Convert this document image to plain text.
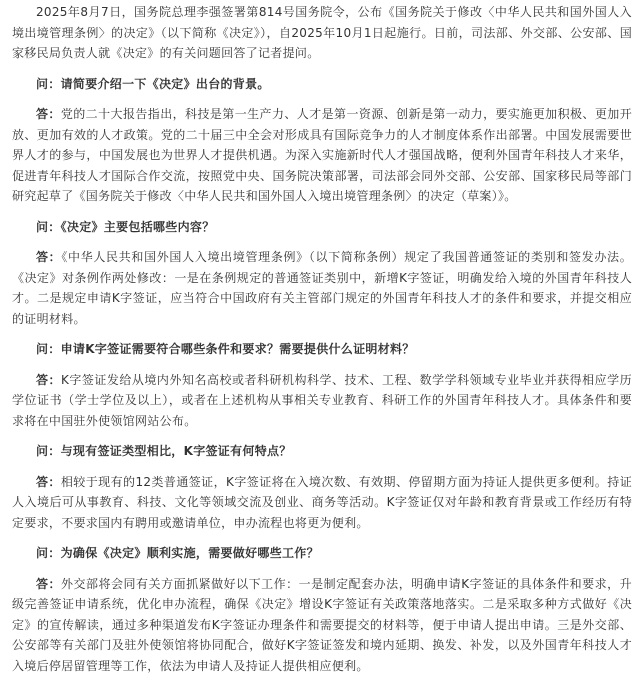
2025年8月7日，国务院总理李强签署第814号国务院令，公布《国务院关于修改〈中华人民共和国外国人入境出境管理条例〉的决定》（以下简称《决定》），自2025年10月1日起施行。日前，司法部、外交部、公安部、国家移民局负责人就《决定》的有关问题回答了记者提问。

问：请简要介绍一下《决定》出台的背景。

答：党的二十大报告指出，科技是第一生产力、人才是第一资源、创新是第一动力，要实施更加积极、更加开放、更加有效的人才政策。党的二十届三中全会对形成具有国际竞争力的人才制度体系作出部署。中国发展需要世界人才的参与，中国发展也为世界人才提供机遇。为深入实施新时代人才强国战略，便利外国青年科技人才来华，促进青年科技人才国际合作交流，按照党中央、国务院决策部署，司法部会同外交部、公安部、国家移民局等部门研究起草了《国务院关于修改〈中华人民共和国外国人入境出境管理条例〉的决定（草案）》。

问：《决定》主要包括哪些内容？

答：《中华人民共和国外国人入境出境管理条例》（以下简称条例）规定了我国普通签证的类别和签发办法。《决定》对条例作两处修改：一是在条例规定的普通签证类别中，新增K字签证，明确发给入境的外国青年科技人才。二是规定申请K字签证，应当符合中国政府有关主管部门规定的外国青年科技人才的条件和要求，并提交相应的证明材料。

问：申请K字签证需要符合哪些条件和要求？需要提供什么证明材料？

答：K字签证发给从境内外知名高校或者科研机构科学、技术、工程、数学学科领域专业毕业并获得相应学历学位证书（学士学位及以上），或者在上述机构从事相关专业教育、科研工作的外国青年科技人才。具体条件和要求将在中国驻外使领馆网站公布。

问：与现有签证类型相比，K字签证有何特点？

答：相较于现有的12类普通签证，K字签证将在入境次数、有效期、停留期方面为持证人提供更多便利。持证人入境后可从事教育、科技、文化等领域交流及创业、商务等活动。K字签证仅对年龄和教育背景或工作经历有特定要求，不要求国内有聘用或邀请单位，申办流程也将更为便利。

问：为确保《决定》顺利实施，需要做好哪些工作？

答：外交部将会同有关方面抓紧做好以下工作：一是制定配套办法，明确申请K字签证的具体条件和要求，升级完善签证申请系统，优化申办流程，确保《决定》增设K字签证有关政策落地落实。二是采取多种方式做好《决定》的宣传解读，通过多种渠道发布K字签证办理条件和需要提交的材料等，便于申请人提出申请。三是外交部、公安部等有关部门及驻外使领馆将协同配合，做好K字签证签发和境内延期、换发、补发，以及外国青年科技人才入境后停居留管理等工作，依法为申请人及持证人提供相应便利。
